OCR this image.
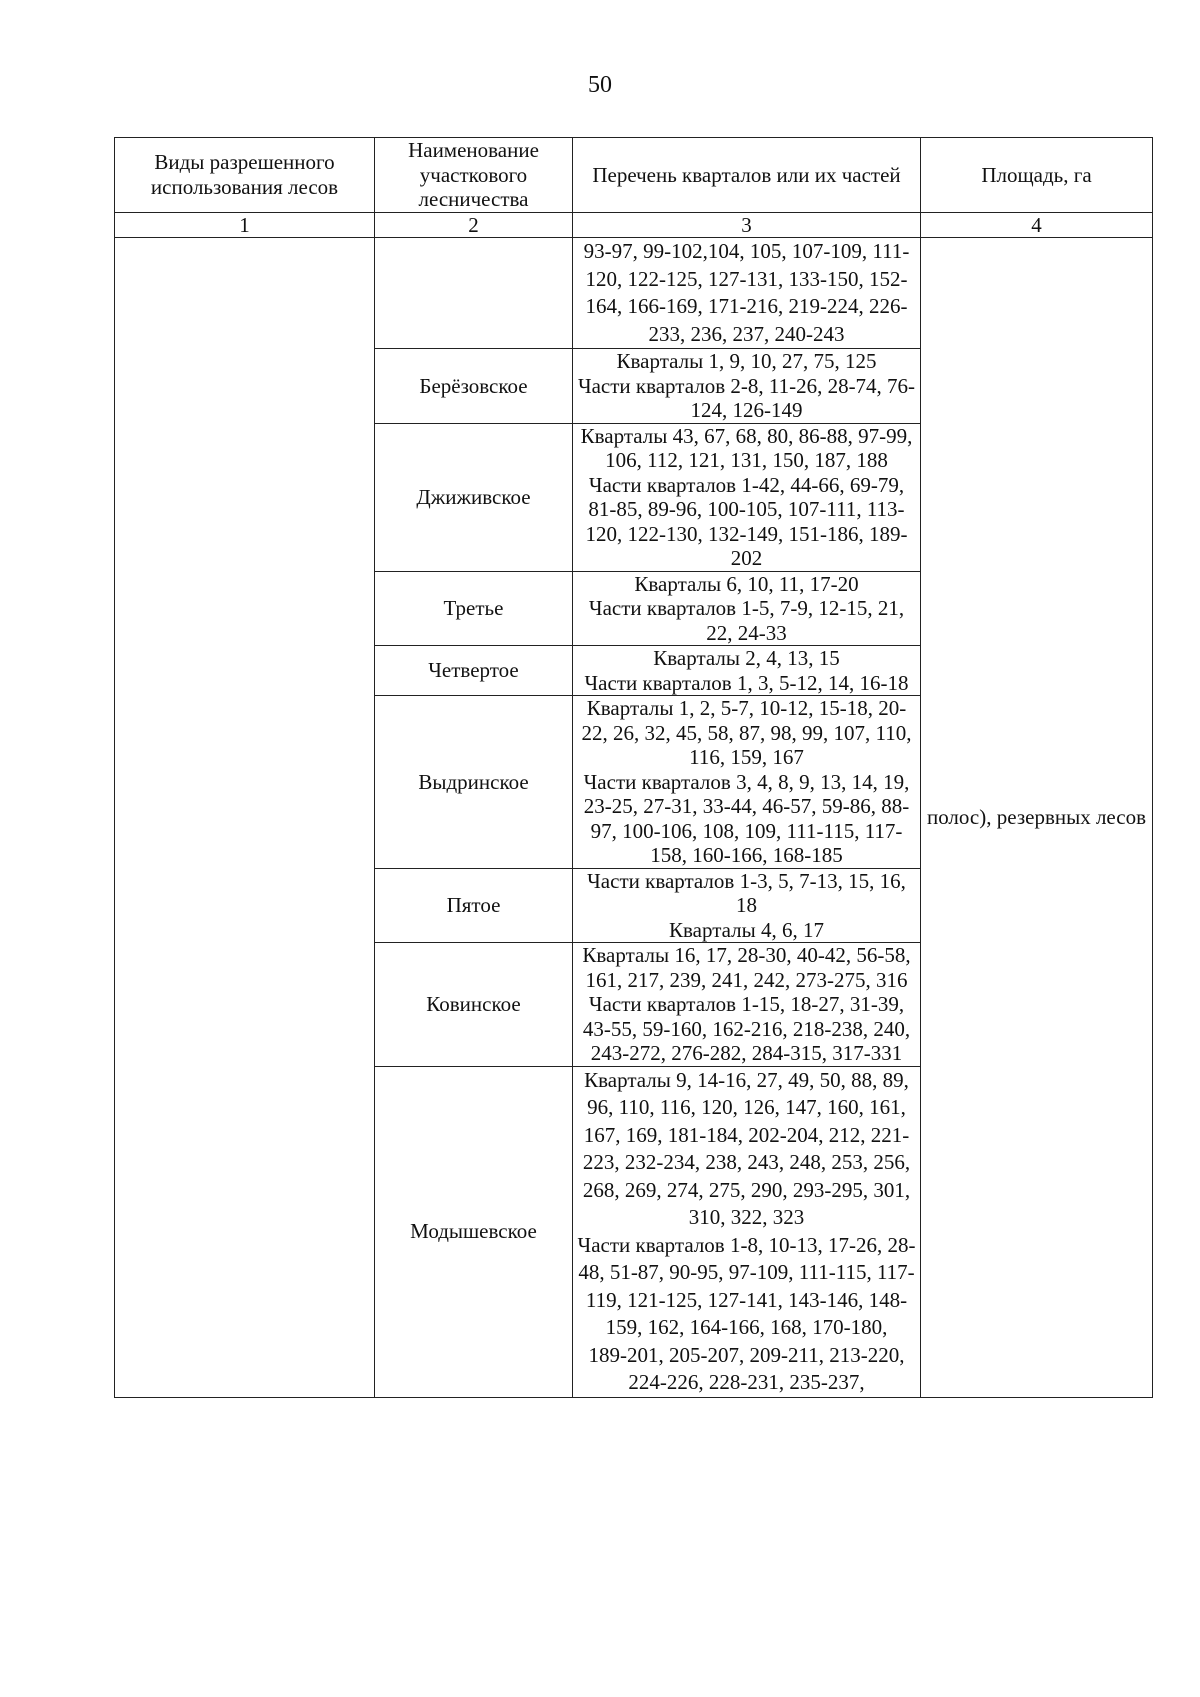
50
Виды разрешенного использования лесов	Наименование участкового лесничества	Перечень кварталов или их частей	Площадь, га
1	2	3	4

		93-97, 99-102,104, 105, 107-109, 111-120, 122-125, 127-131, 133-150, 152-164, 166-169, 171-216, 219-224, 226-233, 236, 237, 240-243	полос), резервных лесов
	Берёзовское	Кварталы 1, 9, 10, 27, 75, 125
Части кварталов 2-8, 11-26, 28-74, 76-124, 126-149	

	Джиживское	Кварталы 43, 67, 68, 80, 86-88, 97-99, 106, 112, 121, 131, 150, 187, 188
Части кварталов 1-42, 44-66, 69-79, 81-85, 89-96, 100-105, 107-111, 113-120, 122-130, 132-149, 151-186, 189-202	

	Третье	Кварталы 6, 10, 11, 17-20
Части кварталов 1-5, 7-9, 12-15, 21, 22, 24-33	

	Четвертое	Кварталы 2, 4, 13, 15
Части кварталов 1, 3, 5-12, 14, 16-18	

	Выдринское	Кварталы 1, 2, 5-7, 10-12, 15-18, 20-22, 26, 32, 45, 58, 87, 98, 99, 107, 110, 116, 159, 167
Части кварталов 3, 4, 8, 9, 13, 14, 19, 23-25, 27-31, 33-44, 46-57, 59-86, 88-97, 100-106, 108, 109, 111-115, 117-158, 160-166, 168-185	

	Пятое	Части кварталов 1-3, 5, 7-13, 15, 16, 18
Кварталы 4, 6, 17	

	Ковинское	Кварталы 16, 17, 28-30, 40-42, 56-58, 161, 217, 239, 241, 242, 273-275, 316
Части кварталов 1-15, 18-27, 31-39, 43-55, 59-160, 162-216, 218-238, 240, 243-272, 276-282, 284-315, 317-331	

	Модышевское	Кварталы 9, 14-16, 27, 49, 50, 88, 89, 96, 110, 116, 120, 126, 147, 160, 161, 167, 169, 181-184, 202-204, 212, 221-223, 232-234, 238, 243, 248, 253, 256, 268, 269, 274, 275, 290, 293-295, 301, 310, 322, 323
Части кварталов 1-8, 10-13, 17-26, 28-48, 51-87, 90-95, 97-109, 111-115, 117-119, 121-125, 127-141, 143-146, 148-159, 162, 164-166, 168, 170-180,
189-201, 205-207, 209-211, 213-220, 224-226, 228-231, 235-237,	
